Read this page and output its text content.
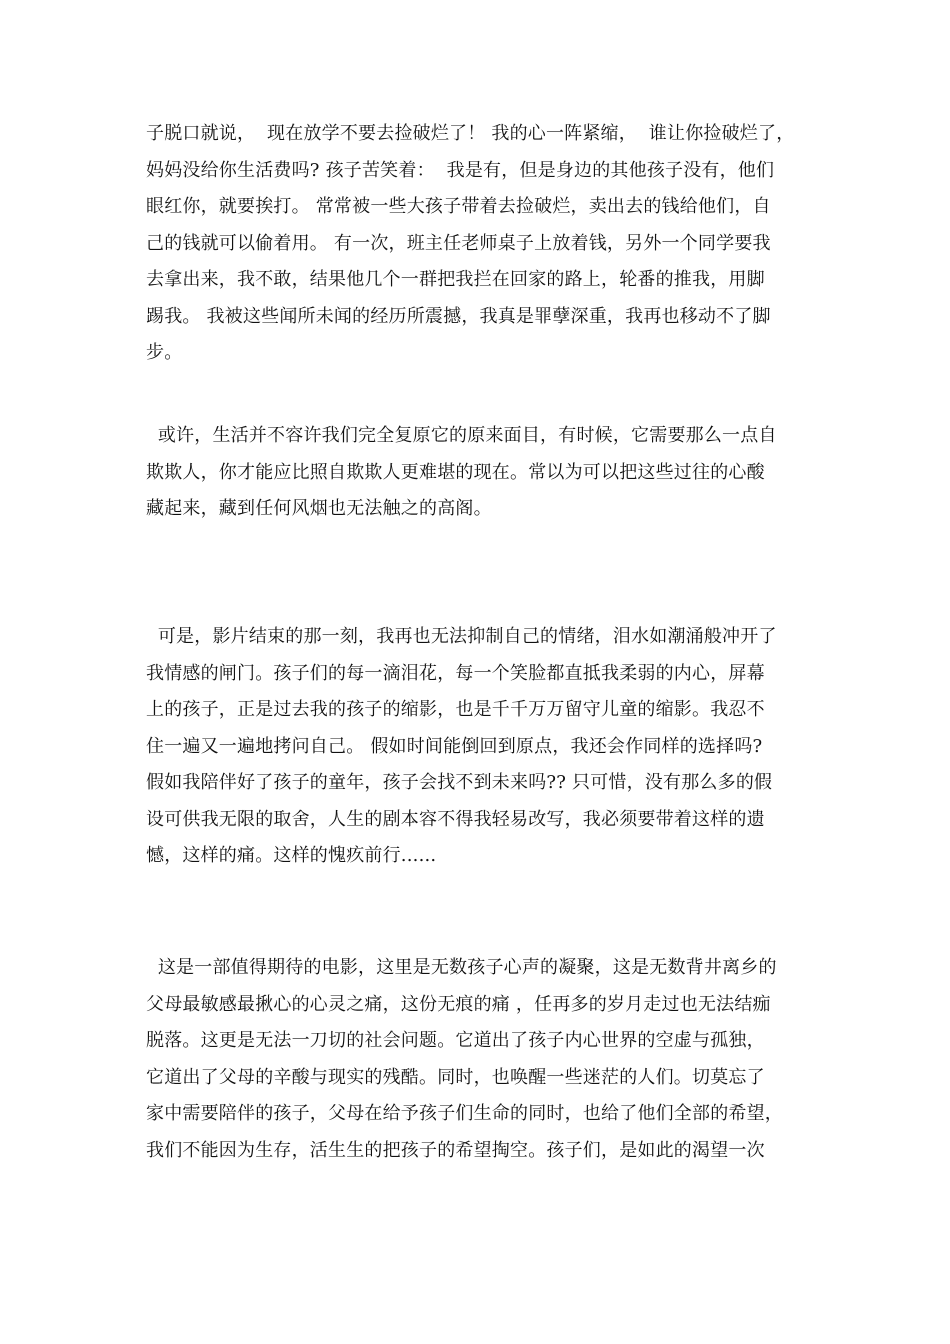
子脱口就说，  现在放学不要去捡破烂了！ 我的心一阵紧缩，  谁让你捡破烂了，
妈妈没给你生活费吗? 孩子苦笑着：  我是有，但是身边的其他孩子没有，他们
眼红你，就要挨打。 常常被一些大孩子带着去捡破烂，卖出去的钱给他们，自
己的钱就可以偷着用。 有一次，班主任老师桌子上放着钱，另外一个同学要我
去拿出来，我不敢，结果他几个一群把我拦在回家的路上，轮番的推我，用脚
踢我。 我被这些闻所未闻的经历所震撼，我真是罪孽深重，我再也移动不了脚
步。
或许，生活并不容许我们完全复原它的原来面目，有时候，它需要那么一点自
欺欺人，你才能应比照自欺欺人更难堪的现在。常以为可以把这些过往的心酸
藏起来，藏到任何风烟也无法触之的高阁。
可是，影片结束的那一刻，我再也无法抑制自己的情绪，泪水如潮涌般冲开了
我情感的闸门。孩子们的每一滴泪花，每一个笑脸都直抵我柔弱的内心，屏幕
上的孩子，正是过去我的孩子的缩影，也是千千万万留守儿童的缩影。我忍不
住一遍又一遍地拷问自己。 假如时间能倒回到原点，我还会作同样的选择吗?
假如我陪伴好了孩子的童年，孩子会找不到未来吗?? 只可惜，没有那么多的假
设可供我无限的取舍，人生的剧本容不得我轻易改写，我必须要带着这样的遗
憾，这样的痛。这样的愧疚前行......
这是一部值得期待的电影，这里是无数孩子心声的凝聚，这是无数背井离乡的
父母最敏感最揪心的心灵之痛，这份无痕的痛 ，任再多的岁月走过也无法结痂
脱落。这更是无法一刀切的社会问题。它道出了孩子内心世界的空虚与孤独，
它道出了父母的辛酸与现实的残酷。同时，也唤醒一些迷茫的人们。切莫忘了
家中需要陪伴的孩子，父母在给予孩子们生命的同时，也给了他们全部的希望，
我们不能因为生存，活生生的把孩子的希望掏空。孩子们，是如此的渴望一次
